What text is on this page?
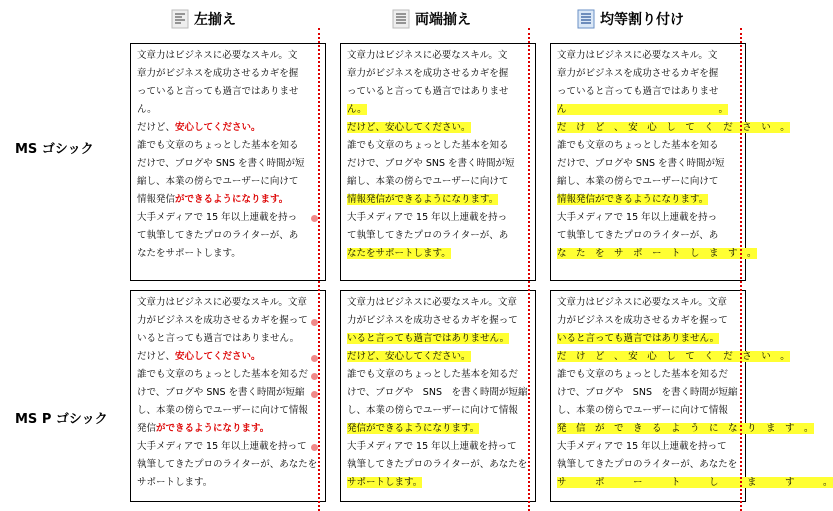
左揃え	両端揃え	均等割り付け
MS ゴシック
MS P ゴシック
文章力はビジネスに必要なスキル。文
章力がビジネスを成功させるカギを握
っていると言っても過言ではありませ
ん。
だけど、安心してください。
誰でも文章のちょっとした基本を知る
だけで、ブログや SNS を書く時間が短
縮し、本業の傍らでユーザーに向けて
情報発信ができるようになります。
大手メディアで 15 年以上連載を持っ
て執筆してきたプロのライターが、あ
なたをサポートします。
文章力はビジネスに必要なスキル。文
章力がビジネスを成功させるカギを握
っていると言っても過言ではありませ
ん。
だけど、安心してください。
誰でも文章のちょっとした基本を知る
だけで、ブログや SNS を書く時間が短
縮し、本業の傍らでユーザーに向けて
情報発信ができるようになります。
大手メディアで 15 年以上連載を持っ
て執筆してきたプロのライターが、あ
なたをサポートします。
文章力はビジネスに必要なスキル。文
章力がビジネスを成功させるカギを握
っていると言っても過言ではありませ
ん　　　　　　　　　　　　　　　　。
だ　け　ど　、　安　心　し　て　く　だ　さ　い　。
誰でも文章のちょっとした基本を知る
だけで、ブログや SNS を書く時間が短
縮し、本業の傍らでユーザーに向けて
情報発信ができるようになります。
大手メディアで 15 年以上連載を持っ
て執筆してきたプロのライターが、あ
な　た　を　サ　ポ　ー　ト　し　ま　す　。
文章力はビジネスに必要なスキル。文章
力がビジネスを成功させるカギを握って
いると言っても過言ではありません。
だけど、安心してください。
誰でも文章のちょっとした基本を知るだ
けで、ブログや SNS を書く時間が短縮
し、本業の傍らでユーザーに向けて情報
発信ができるようになります。
大手メディアで 15 年以上連載を持って
執筆してきたプロのライターが、あなたを
サポートします。
文章力はビジネスに必要なスキル。文章
力がビジネスを成功させるカギを握って
いると言っても過言ではありません。
だけど、安心してください。
誰でも文章のちょっとした基本を知るだ
けで、ブログや　SNS　を書く時間が短縮
し、本業の傍らでユーザーに向けて情報
発信ができるようになります。
大手メディアで 15 年以上連載を持って
執筆してきたプロのライターが、あなたを
サポートします。
文章力はビジネスに必要なスキル。文章
力がビジネスを成功させるカギを握って
いると言っても過言ではありません。
だ　け　ど　、　安　心　し　て　く　だ　さ　い　。
誰でも文章のちょっとした基本を知るだ
けで、ブログや　SNS　を書く時間が短縮
し、本業の傍らでユーザーに向けて情報
発　信　が　で　き　る　よ　う　に　な　り　ま　す　。
大手メディアで 15 年以上連載を持って
執筆してきたプロのライターが、あなたを
サ　　　ポ　　　ー　　　ト　　　し　　　ま　　　す　　　。
